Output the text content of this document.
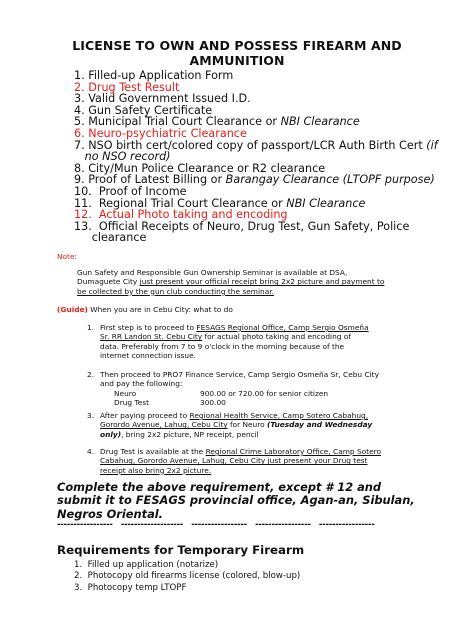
LICENSE TO OWN AND POSSESS FIREARM AND AMMUNITION
1. Filled-up Application Form
2. Drug Test Result
3. Valid Government Issued I.D.
4. Gun Safety Certificate
5. Municipal Trial Court Clearance or NBI Clearance
6. Neuro-psychiatric Clearance
7. NSO birth cert/colored copy of passport/LCR Auth Birth Cert (if
no NSO record)
8. City/Mun Police Clearance or R2 clearance
9. Proof of Latest Billing or Barangay Clearance (LTOPF purpose)
10.  Proof of Income
11.  Regional Trial Court Clearance or NBI Clearance
12.  Actual Photo taking and encoding
13.  Official Receipts of Neuro, Drug Test, Gun Safety, Police
clearance
Note:
Gun Safety and Responsible Gun Ownership Seminar is available at DSA,
Dumaguete City just present your official receipt bring 2x2 picture and payment to
be collected by the gun club conducting the seminar.
(Guide) When you are in Cebu City: what to do
1. First step is to proceed to FESAGS Regional Office, Camp Sergio Osmeña
Sr. RR Landon St. Cebu City for actual photo taking and encoding of
data. Preferably from 7 to 9 o'clock in the morning because of the
internet connection issue.
2. Then proceed to PRO7 Finance Service, Camp Sergio Osmeña Sr, Cebu City
and pay the following:
Neuro	900.00 or 720.00 for senior citizen
Drug Test	300.00
3. After paying proceed to Regional Health Service, Camp Sotero Cabahug,
Gorordo Avenue, Lahug, Cebu City for Neuro (Tuesday and Wednesday
only), bring 2x2 picture, NP receipt, pencil
4. Drug Test is available at the Regional Crime Laboratory Office, Camp Sotero
Cabahug, Gorordo Avenue, Lahug, Cebu City just present your Drug test
receipt also bring 2x2 picture.
Complete the above requirement, except # 12 and submit it to FESAGS provincial office, Agan-an, Sibulan, Negros Oriental.
-----------------   -------------------   -----------------   -----------------   -----------------
Requirements for Temporary Firearm
1.  Filled up application (notarize)
2.  Photocopy old firearms license (colored, blow-up)
3.  Photocopy temp LTOPF
